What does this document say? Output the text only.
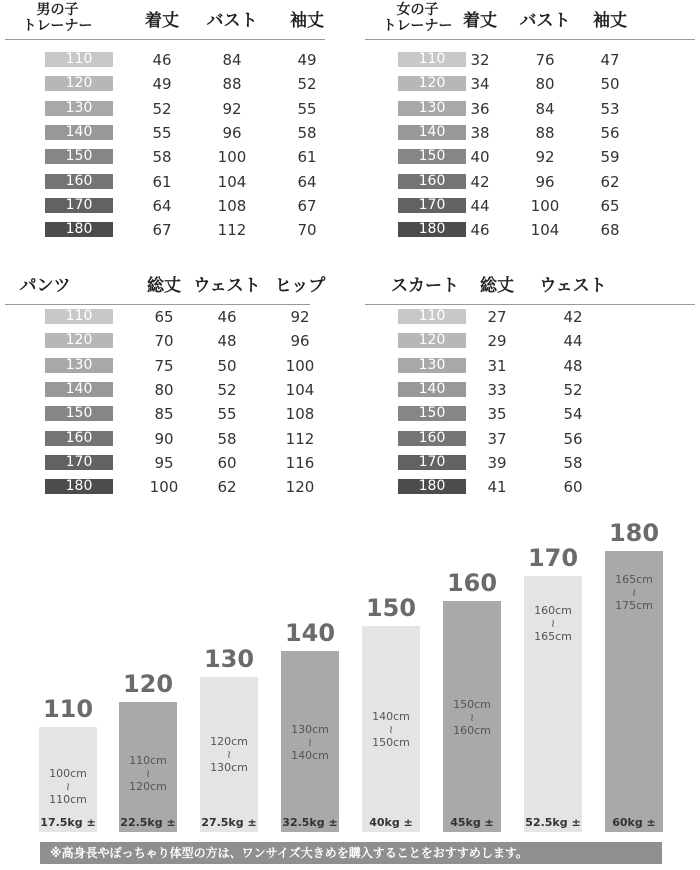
男の子
トレーナー	着丈	バスト	袖丈
110	46	84	49
120	49	88	52
130	52	92	55
140	55	96	58
150	58	100	61
160	61	104	64
170	64	108	67
180	67	112	70
女の子
トレーナー 着丈	バスト	袖丈
110	32	76	47
120	34	80	50
130	36	84	53
140	38	88	56
150	40	92	59
160	42	96	62
170	44	100	65
180	46	104	68
パンツ	総丈 ウェスト ヒップ
110	65	46	92
120	70	48	96
130	75	50	100
140	80	52	104
150	85	55	108
160	90	58	112
170	95	60	116
180	100	62	120
スカート	総丈	ウェスト
110	27	42
120	29	44
130	31	48
140	33	52
150	35	54
160	37	56
170	39	58
180	41	60
110
100cm
≀
110cm
17.5kg ±
120
110cm
≀
120cm
22.5kg ±
130
120cm
≀
130cm
27.5kg ±
140
130cm
≀
140cm
32.5kg ±
150
140cm
≀
150cm
40kg ±
160
150cm
≀
160cm
45kg ±
170
160cm
≀
165cm
52.5kg ±
180
165cm
≀
175cm
60kg ±
※高身長やぽっちゃり体型の方は、ワンサイズ大きめを購入することをおすすめします。
